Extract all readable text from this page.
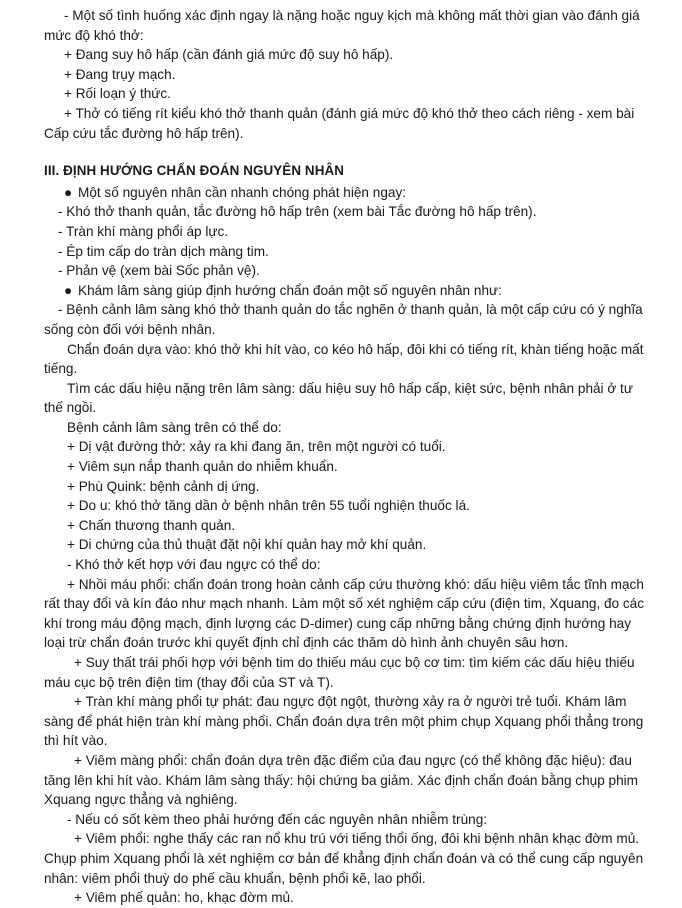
- Một số tình huống xác định ngay là nặng hoặc nguy kịch mà không mất thời gian vào đánh giá mức độ khó thở:

+ Đang suy hô hấp (cần đánh giá mức độ suy hô hấp).

+ Đang trụy mạch.

+ Rối loạn ý thức.

+ Thở có tiếng rít kiểu khó thở thanh quản (đánh giá mức độ khó thở theo cách riêng - xem bài Cấp cứu tắc đường hô hấp trên).

III. ĐỊNH HƯỚNG CHẨN ĐOÁN NGUYÊN NHÂN

● Một số nguyên nhân cần nhanh chóng phát hiện ngay:

- Khó thở thanh quản, tắc đường hô hấp trên (xem bài Tắc đường hô hấp trên).

- Tràn khí màng phổi áp lực.

- Ép tim cấp do tràn dịch màng tim.

- Phản vệ (xem bài Sốc phản vệ).

● Khám lâm sàng giúp định hướng chẩn đoán một số nguyên nhân như:

- Bệnh cảnh lâm sàng khó thở thanh quản do tắc nghẽn ở thanh quản, là một cấp cứu có ý nghĩa sống còn đối với bệnh nhân.

Chẩn đoán dựa vào: khó thở khi hít vào, co kéo hô hấp, đôi khi có tiếng rít, khàn tiếng hoặc mất tiếng.

Tìm các dấu hiệu nặng trên lâm sàng: dấu hiệu suy hô hấp cấp, kiệt sức, bệnh nhân phải ở tư thế ngồi.

Bệnh cảnh lâm sàng trên có thể do:

+ Dị vật đường thở: xảy ra khi đang ăn, trên một người có tuổi.

+ Viêm sụn nắp thanh quản do nhiễm khuẩn.

+ Phù Quink: bệnh cảnh dị ứng.

+ Do u: khó thở tăng dần ở bệnh nhân trên 55 tuổi nghiện thuốc lá.

+ Chấn thương thanh quản.

+ Di chứng của thủ thuật đặt nội khí quản hay mở khí quản.

- Khó thở kết hợp với đau ngực có thể do:

+ Nhồi máu phổi: chẩn đoán trong hoàn cảnh cấp cứu thường khó: dấu hiệu viêm tắc tĩnh mạch rất thay đổi và kín đáo như mạch nhanh. Làm một số xét nghiệm cấp cứu (điện tim, Xquang, đo các khí trong máu động mạch, định lượng các D-dimer) cung cấp những bằng chứng định hướng hay loại trừ chẩn đoán trước khi quyết định chỉ định các thăm dò hình ảnh chuyên sâu hơn.

+ Suy thất trái phối hợp với bệnh tim do thiếu máu cục bộ cơ tim: tìm kiếm các dấu hiệu thiếu máu cục bộ trên điện tim (thay đổi của ST và T).

+ Tràn khí màng phổi tự phát: đau ngực đột ngột, thường xảy ra ở người trẻ tuổi. Khám lâm sàng để phát hiện tràn khí màng phổi. Chẩn đoán dựa trên một phim chụp Xquang phổi thẳng trong thì hít vào.

+ Viêm màng phổi: chẩn đoán dựa trên đặc điểm của đau ngực (có thể không đặc hiệu): đau tăng lên khi hít vào. Khám lâm sàng thấy: hội chứng ba giảm. Xác định chẩn đoán bằng chụp phim Xquang ngực thẳng và nghiêng.

- Nếu có sốt kèm theo phải hướng đến các nguyên nhân nhiễm trùng:

+ Viêm phổi: nghe thấy các ran nổ khu trú với tiếng thổi ống, đôi khi bệnh nhân khạc đờm mủ. Chụp phim Xquang phổi là xét nghiệm cơ bản để khẳng định chẩn đoán và có thể cung cấp nguyên nhân: viêm phổi thuỳ do phế cầu khuẩn, bệnh phổi kẽ, lao phổi.

+ Viêm phế quản: ho, khạc đờm mủ.
